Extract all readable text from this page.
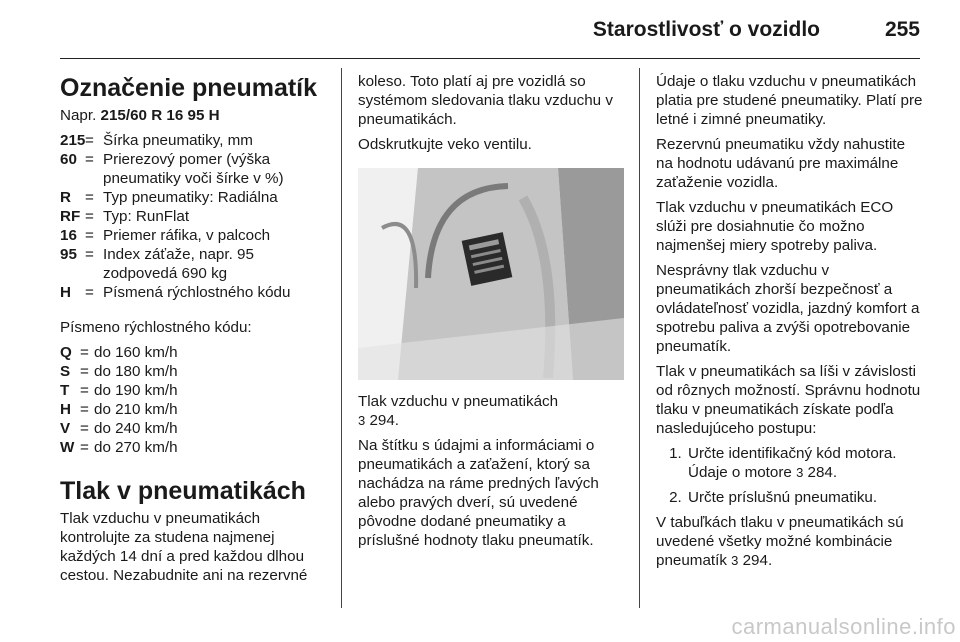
Starostlivosť o vozidlo	255
Označenie pneumatík

Napr. 215/60 R 16 95 H

215 = Šírka pneumatiky, mm
60 = Prierezový pomer (výška pneumatiky voči šírke v %)
R = Typ pneumatiky: Radiálna
RF = Typ: RunFlat
16 = Priemer ráfika, v palcoch
95 = Index záťaže, napr. 95 zodpovedá 690 kg
H = Písmená rýchlostného kódu

Písmeno rýchlostného kódu:

Q = do 160 km/h
S = do 180 km/h
T = do 190 km/h
H = do 210 km/h
V = do 240 km/h
W = do 270 km/h
Tlak v pneumatikách

Tlak vzduchu v pneumatikách kontrolujte za studena najmenej každých 14 dní a pred každou dlhou cestou. Nezabudnite ani na rezervné

koleso. Toto platí aj pre vozidlá so systémom sledovania tlaku vzduchu v pneumatikách.

Odskrutkujte veko ventilu.

Tlak vzduchu v pneumatikách
3 294.

Na štítku s údajmi a informáciami o pneumatikách a zaťažení, ktorý sa nachádza na ráme predných ľavých alebo pravých dverí, sú uvedené pôvodne dodané pneumatiky a príslušné hodnoty tlaku pneumatík.

Údaje o tlaku vzduchu v pneumatikách platia pre studené pneumatiky. Platí pre letné i zimné pneumatiky.

Rezervnú pneumatiku vždy nahustite na hodnotu udávanú pre maximálne zaťaženie vozidla.

Tlak vzduchu v pneumatikách ECO slúži pre dosiahnutie čo možno najmenšej miery spotreby paliva.

Nesprávny tlak vzduchu v pneumatikách zhorší bezpečnosť a ovládateľnosť vozidla, jazdný komfort a spotrebu paliva a zvýši opotrebovanie pneumatík.

Tlak v pneumatikách sa líši v závislosti od rôznych možností. Správnu hodnotu tlaku v pneumatikách získate podľa nasledujúceho postupu:

1. Určte identifikačný kód motora. Údaje o motore 3 284.
2. Určte príslušnú pneumatiku.

V tabuľkách tlaku v pneumatikách sú uvedené všetky možné kombinácie pneumatík 3 294.

carmanualsonline.info
